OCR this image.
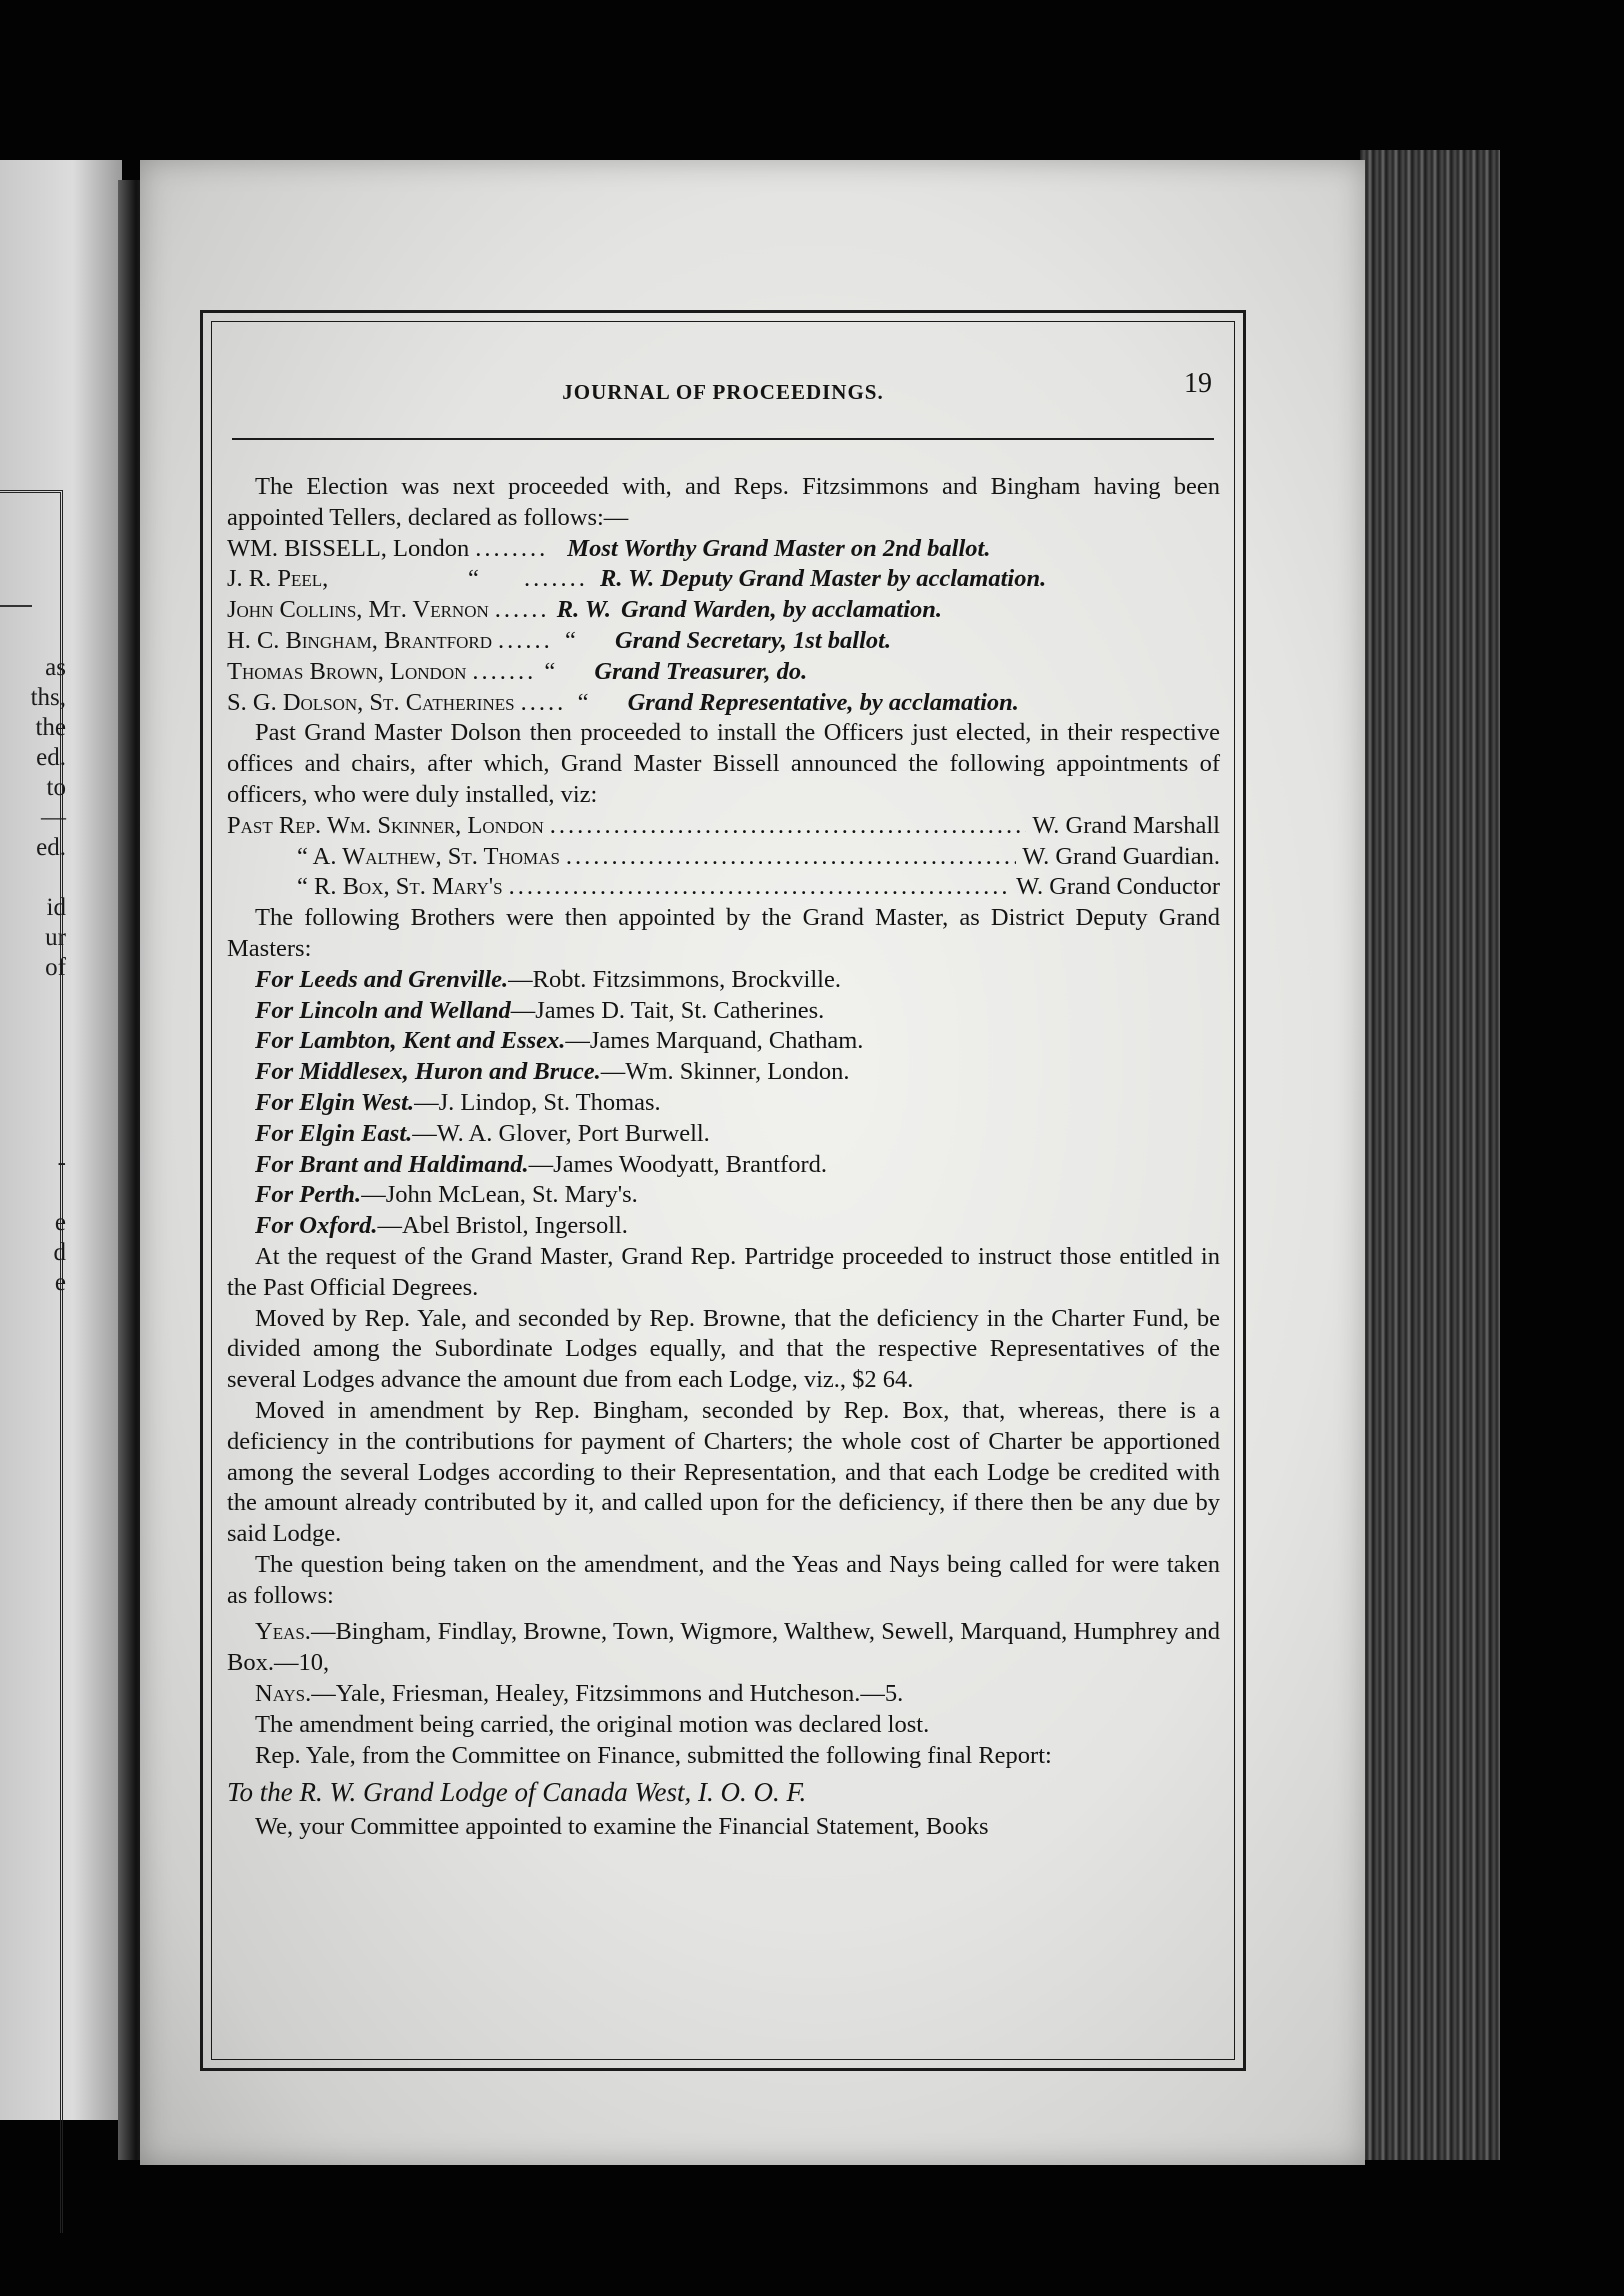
as
ths,
the
ed.
to
—
ed.
id
ur
of
-
e
d
e
JOURNAL OF PROCEEDINGS.	19

The Election was next proceeded with, and Reps. Fitzsimmons and Bingham having been appointed Tellers, declared as follows:—

WM. BISSELL, London .....	Most Worthy Grand Master on 2nd ballot.
J. R. Peel,	“ .....	R. W. Deputy Grand Master by acclamation.
John Collins, Mt. Vernon .....	R. W. Grand Warden, by acclamation.
H. C. Bingham, Brantford .....	“	Grand Secretary, 1st ballot.
Thomas Brown, London .....	“	Grand Treasurer, do.
S. G. Dolson, St. Catherines .....	“	Grand Representative, by acclamation.

Past Grand Master Dolson then proceeded to install the Officers just elected, in their respective offices and chairs, after which, Grand Master Bissell announced the following appointments of officers, who were duly installed, viz:

Past Rep. Wm. Skinner, London .....	W. Grand Marshall
“ A. Walthew, St. Thomas .....	W. Grand Guardian.
“ R. Box, St. Mary's .....	W. Grand Conductor

The following Brothers were then appointed by the Grand Master, as District Deputy Grand Masters:

For Leeds and Grenville. —Robt. Fitzsimmons, Brockville.
For Lincoln and Welland —James D. Tait, St. Catherines.
For Lambton, Kent and Essex. —James Marquand, Chatham.
For Middlesex, Huron and Bruce. —Wm. Skinner, London.
For Elgin West. —J. Lindop, St. Thomas.
For Elgin East. —W. A. Glover, Port Burwell.
For Brant and Haldimand. —James Woodyatt, Brantford.
For Perth. —John McLean, St. Mary's.
For Oxford. —Abel Bristol, Ingersoll.

At the request of the Grand Master, Grand Rep. Partridge proceeded to instruct those entitled in the Past Official Degrees.

Moved by Rep. Yale, and seconded by Rep. Browne, that the deficiency in the Charter Fund, be divided among the Subordinate Lodges equally, and that the respective Representatives of the several Lodges advance the amount due from each Lodge, viz., $2 64.

Moved in amendment by Rep. Bingham, seconded by Rep. Box, that, whereas, there is a deficiency in the contributions for payment of Charters; the whole cost of Charter be apportioned among the several Lodges according to their Representation, and that each Lodge be credited with the amount already contributed by it, and called upon for the deficiency, if there then be any due by said Lodge.

The question being taken on the amendment, and the Yeas and Nays being called for were taken as follows:

Yeas.—Bingham, Findlay, Browne, Town, Wigmore, Walthew, Sewell, Marquand, Humphrey and Box.—10,

Nays.—Yale, Friesman, Healey, Fitzsimmons and Hutcheson.—5.

The amendment being carried, the original motion was declared lost.

Rep. Yale, from the Committee on Finance, submitted the following final Report:

To the R. W. Grand Lodge of Canada West, I. O. O. F.

We, your Committee appointed to examine the Financial Statement, Books
